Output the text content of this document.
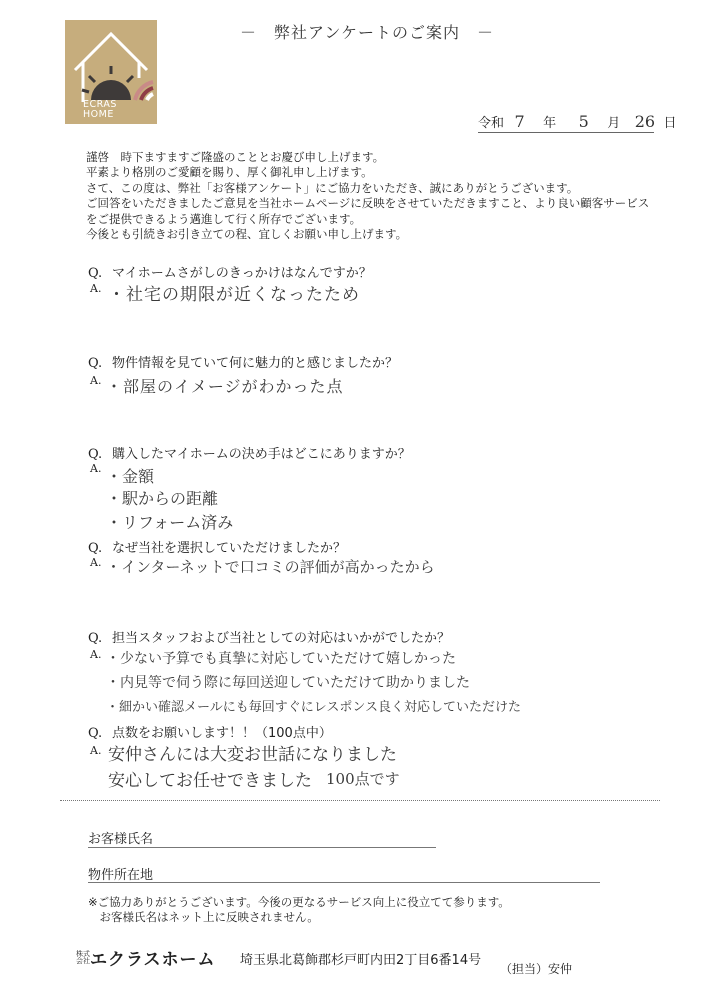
ECRAS
HOME
－　弊社アンケートのご案内　－
令和 7 年 5 月 26 日

謹啓　時下ますますご隆盛のこととお慶び申し上げます。

平素より格別のご愛顧を賜り、厚く御礼申し上げます。

さて、この度は、弊社「お客様アンケート」にご協力をいただき、誠にありがとうございます。

ご回答をいただきましたご意見を当社ホームページに反映をさせていただきますこと、より良い顧客サービス

をご提供できるよう邁進して行く所存でございます。

今後とも引続きお引き立ての程、宜しくお願い申し上げます。

Q. マイホームさがしのきっかけはなんですか？
A. ・社宅の期限が近くなったため
Q. 物件情報を見ていて何に魅力的と感じましたか？
A. ・部屋のイメージがわかった点
Q. 購入したマイホームの決め手はどこにありますか？
A. ・金額
・駅からの距離
・リフォーム済み
Q. なぜ当社を選択していただけましたか？
A. ・インターネットで口コミの評価が高かったから
Q. 担当スタッフおよび当社としての対応はいかがでしたか？
A. ・少ない予算でも真摯に対応していただけて嬉しかった
・内見等で伺う際に毎回送迎していただけて助かりました
・細かい確認メールにも毎回すぐにレスポンス良く対応していただけた
Q. 点数をお願いします！！（100点中）
A. 安仲さんには大変お世話になりました
安心してお任せできました 100点です
お客様氏名
物件所在地

※ご協力ありがとうございます。今後の更なるサービス向上に役立てて参ります。

　お客様氏名はネット上に反映されません。

株式
会社エクラスホーム 埼玉県北葛飾郡杉戸町内田2丁目6番14号
（担当）安仲
